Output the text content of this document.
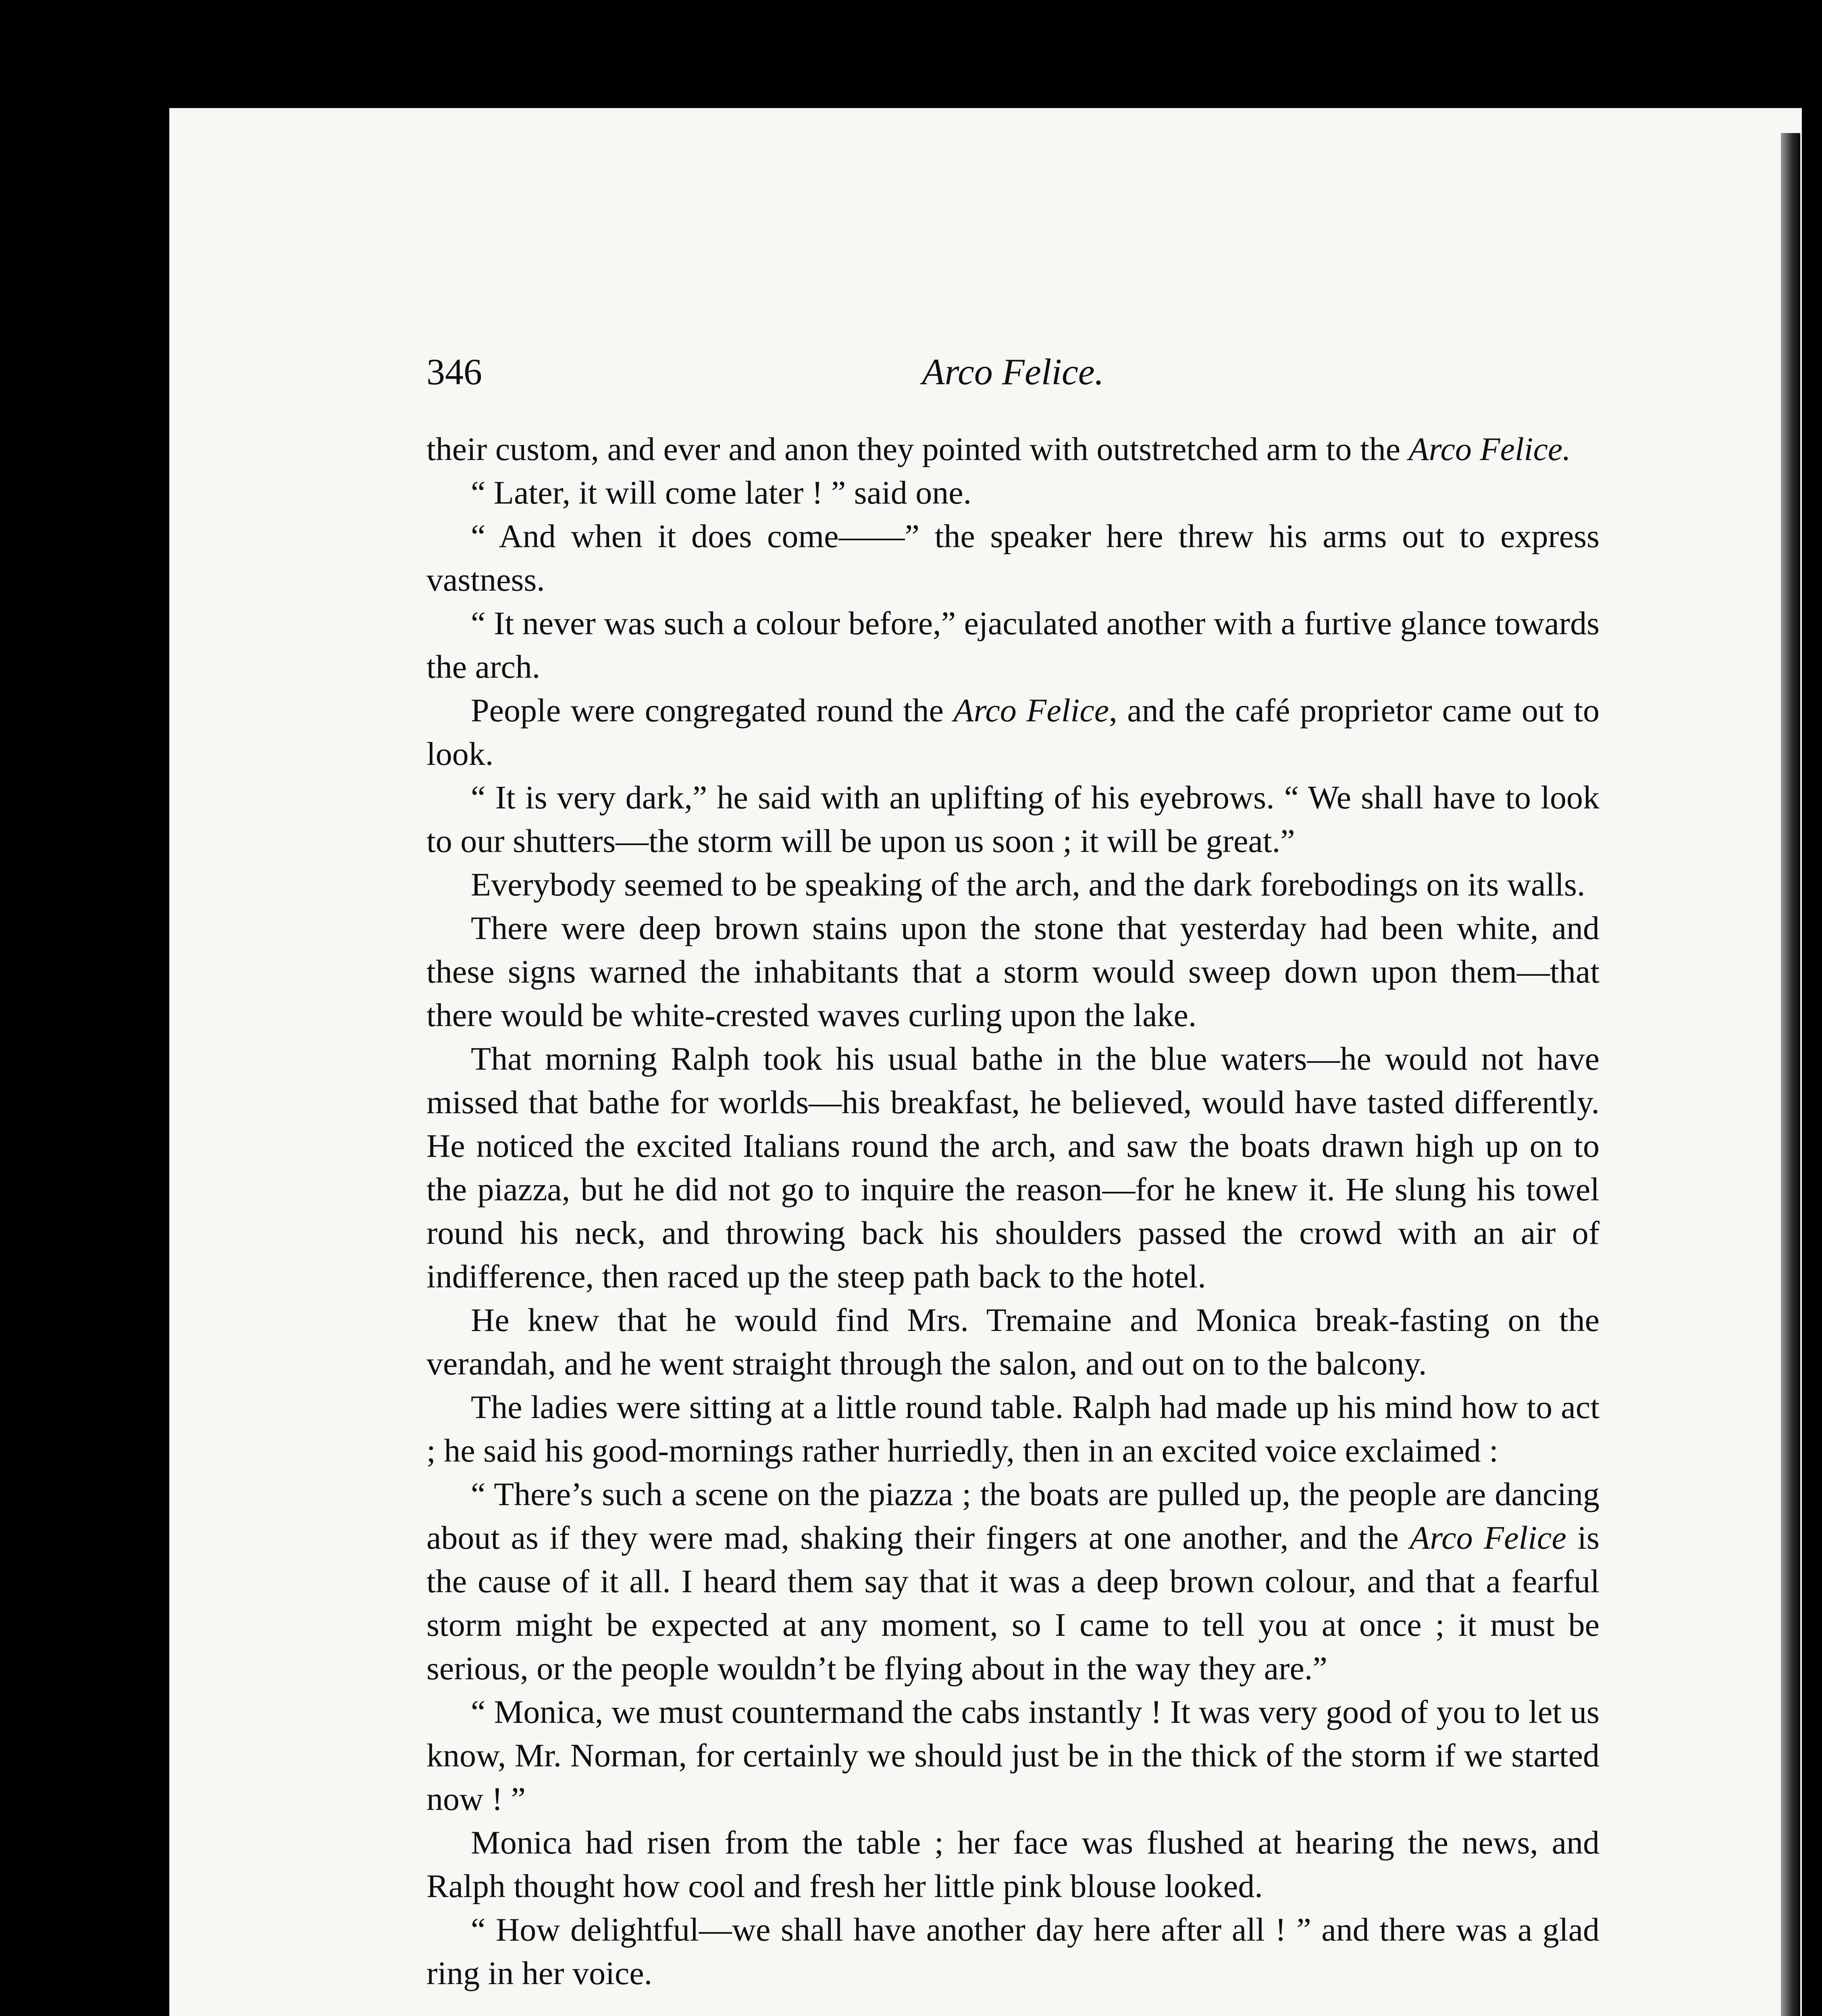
346	Arco Felice.

their custom, and ever and anon they pointed with outstretched arm to the Arco Felice.

“ Later, it will come later ! ” said one.

“ And when it does come——” the speaker here threw his arms out to express vastness.

“ It never was such a colour before,” ejaculated another with a furtive glance towards the arch.

People were congregated round the Arco Felice, and the café proprietor came out to look.

“ It is very dark,” he said with an uplifting of his eyebrows. “ We shall have to look to our shutters—the storm will be upon us soon ; it will be great.”

Everybody seemed to be speaking of the arch, and the dark forebodings on its walls.

There were deep brown stains upon the stone that yesterday had been white, and these signs warned the inhabitants that a storm would sweep down upon them—that there would be white-crested waves curling upon the lake.

That morning Ralph took his usual bathe in the blue waters—he would not have missed that bathe for worlds—his breakfast, he believed, would have tasted differently. He noticed the excited Italians round the arch, and saw the boats drawn high up on to the piazza, but he did not go to inquire the reason—for he knew it. He slung his towel round his neck, and throwing back his shoulders passed the crowd with an air of indifference, then raced up the steep path back to the hotel.

He knew that he would find Mrs. Tremaine and Monica break-fasting on the verandah, and he went straight through the salon, and out on to the balcony.

The ladies were sitting at a little round table. Ralph had made up his mind how to act ; he said his good-mornings rather hurriedly, then in an excited voice exclaimed :

“ There’s such a scene on the piazza ; the boats are pulled up, the people are dancing about as if they were mad, shaking their fingers at one another, and the Arco Felice is the cause of it all. I heard them say that it was a deep brown colour, and that a fearful storm might be expected at any moment, so I came to tell you at once ; it must be serious, or the people wouldn’t be flying about in the way they are.”

“ Monica, we must countermand the cabs instantly ! It was very good of you to let us know, Mr. Norman, for certainly we should just be in the thick of the storm if we started now ! ”

Monica had risen from the table ; her face was flushed at hearing the news, and Ralph thought how cool and fresh her little pink blouse looked.

“ How delightful—we shall have another day here after all ! ” and there was a glad ring in her voice.
